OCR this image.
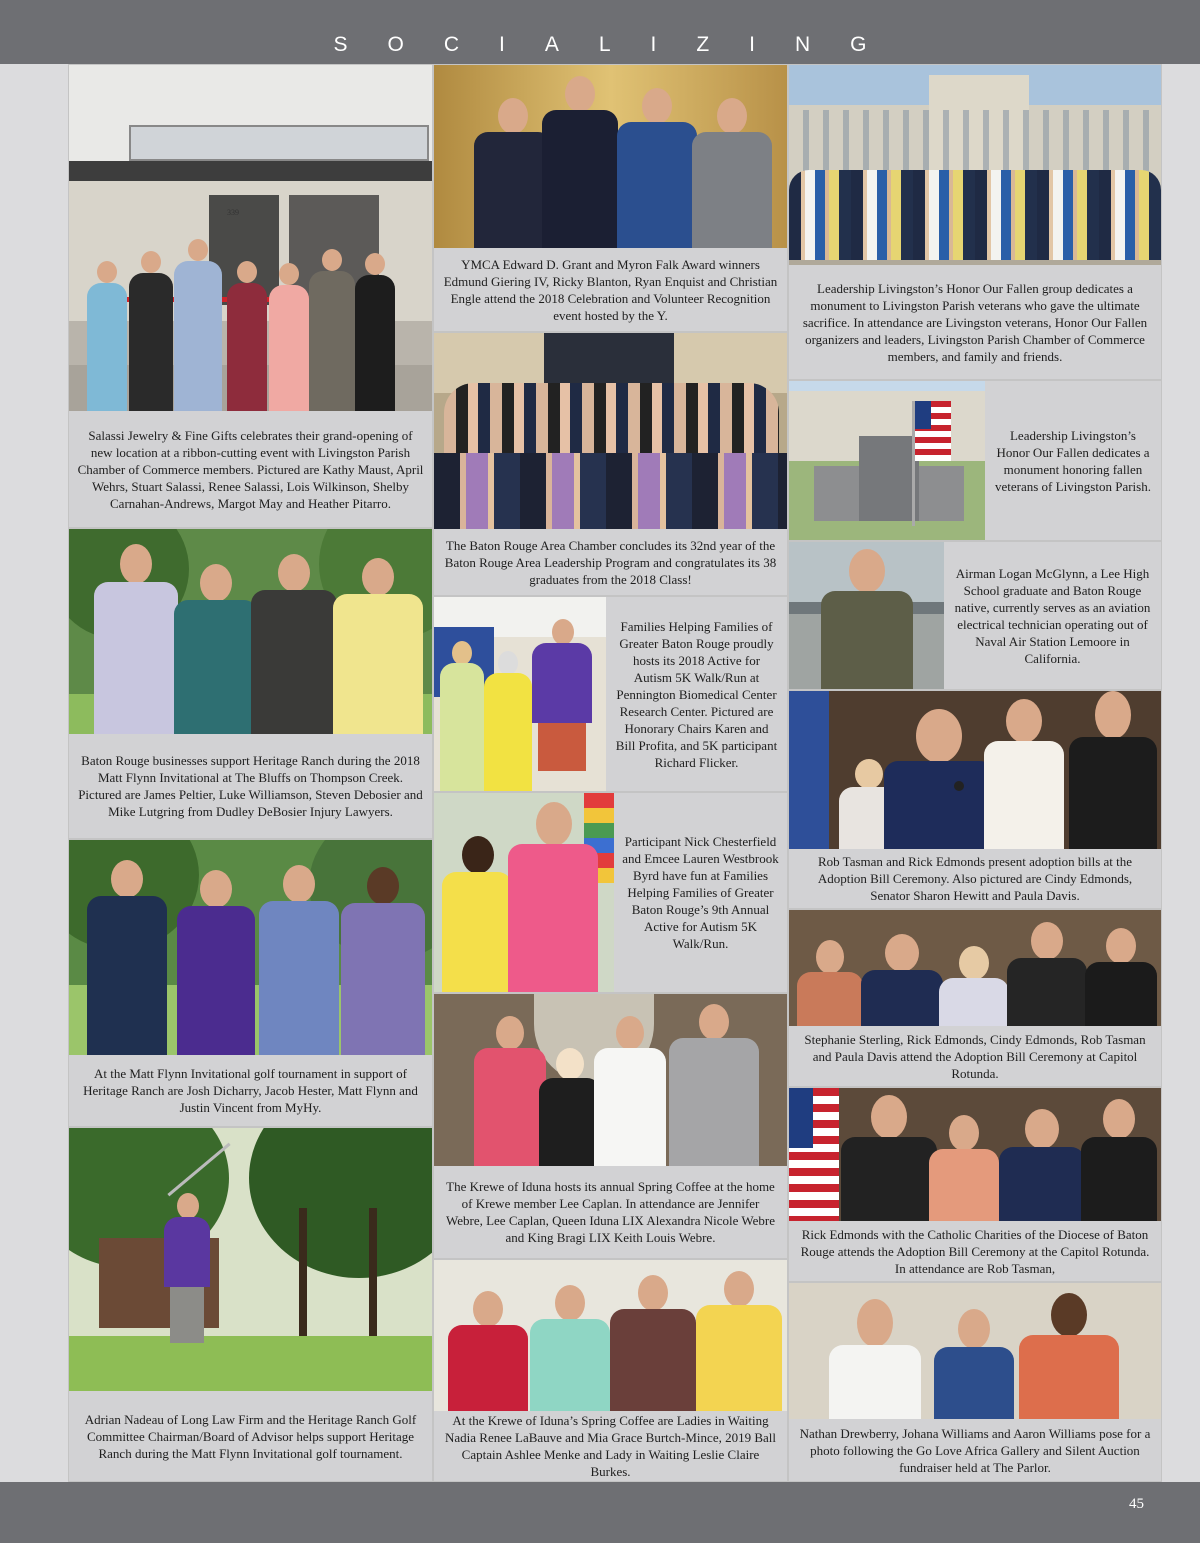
SOCIALIZING
45
339
Salassi Jewelry & Fine Gifts celebrates their grand-opening of new location at a ribbon-cutting event with Livingston Parish Chamber of Commerce members. Pictured are Kathy Maust, April Wehrs, Stuart Salassi, Renee Salassi, Lois Wilkinson, Shelby Carnahan-Andrews, Margot May and Heather Pitarro.
Baton Rouge businesses support Heritage Ranch during the 2018 Matt Flynn Invitational at The Bluffs on Thompson Creek. Pictured are James Peltier, Luke Williamson, Steven Debosier and Mike Lutgring from Dudley DeBosier Injury Lawyers.
At the Matt Flynn Invitational golf tournament in support of Heritage Ranch are Josh Dicharry, Jacob Hester, Matt Flynn and Justin Vincent from MyHy.
Adrian Nadeau of Long Law Firm and the Heritage Ranch Golf Committee Chairman/Board of Advisor helps support Heritage Ranch during the Matt Flynn Invitational golf tournament.
YMCA Edward D. Grant and Myron Falk Award winners Edmund Giering IV, Ricky Blanton, Ryan Enquist and Christian Engle attend the 2018 Celebration and Volunteer Recognition event hosted by the Y.
The Baton Rouge Area Chamber concludes its 32nd year of the Baton Rouge Area Leadership Program and congratulates its 38 graduates from the 2018 Class!
Families Helping Families of Greater Baton Rouge proudly hosts its 2018 Active for Autism 5K Walk/Run at Pennington Biomedical Center Research Center. Pictured are Honorary Chairs Karen and Bill Profita, and 5K participant Richard Flicker.
Participant Nick Chesterfield and Emcee Lauren Westbrook Byrd have fun at Families Helping Families of Greater Baton Rouge’s 9th Annual Active for Autism 5K Walk/Run.
The Krewe of Iduna hosts its annual Spring Coffee at the home of Krewe member Lee Caplan. In attendance are Jennifer Webre, Lee Caplan, Queen Iduna LIX Alexandra Nicole Webre and King Bragi LIX Keith Louis Webre.
At the Krewe of Iduna’s Spring Coffee are Ladies in Waiting Nadia Renee LaBauve and Mia Grace Burtch-Mince, 2019 Ball Captain Ashlee Menke and Lady in Waiting Leslie Claire Burkes.
Leadership Livingston’s Honor Our Fallen group dedicates a monument to Livingston Parish veterans who gave the ultimate sacrifice. In attendance are Livingston veterans, Honor Our Fallen organizers and leaders, Livingston Parish Chamber of Commerce members, and family and friends.
Leadership Livingston’s Honor Our Fallen dedicates a monument honoring fallen veterans of Livingston Parish.
Airman Logan McGlynn, a Lee High School graduate and Baton Rouge native, currently serves as an aviation electrical technician operating out of Naval Air Station Lemoore in California.
Rob Tasman and Rick Edmonds present adoption bills at the Adoption Bill Ceremony. Also pictured are Cindy Edmonds, Senator Sharon Hewitt and Paula Davis.
Stephanie Sterling, Rick Edmonds, Cindy Edmonds, Rob Tasman and Paula Davis attend the Adoption Bill Ceremony at Capitol Rotunda.
Rick Edmonds with the Catholic Charities of the Diocese of Baton Rouge attends the Adoption Bill Ceremony at the Capitol Rotunda. In attendance are Rob Tasman,
Nathan Drewberry, Johana Williams and Aaron Williams pose for a photo following the Go Love Africa Gallery and Silent Auction fundraiser held at The Parlor.
